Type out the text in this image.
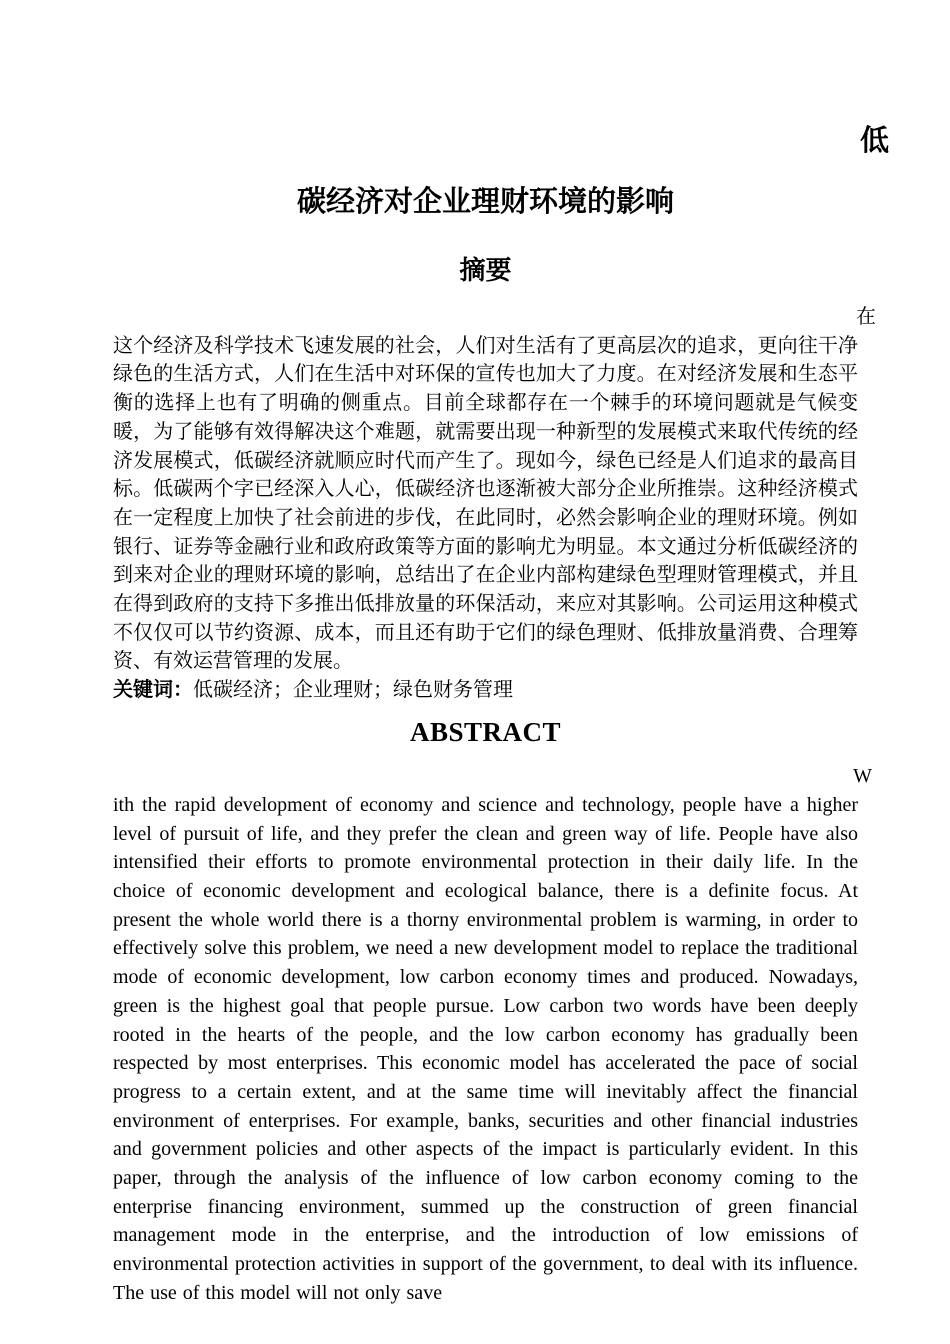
低
碳经济对企业理财环境的影响
摘要
在

这个经济及科学技术飞速发展的社会，人们对生活有了更高层次的追求，更向往干净绿色的生活方式，人们在生活中对环保的宣传也加大了力度。在对经济发展和生态平衡的选择上也有了明确的侧重点。目前全球都存在一个棘手的环境问题就是气候变暖，为了能够有效得解决这个难题，就需要出现一种新型的发展模式来取代传统的经济发展模式，低碳经济就顺应时代而产生了。现如今，绿色已经是人们追求的最高目标。低碳两个字已经深入人心，低碳经济也逐渐被大部分企业所推崇。这种经济模式在一定程度上加快了社会前进的步伐，在此同时，必然会影响企业的理财环境。例如银行、证券等金融行业和政府政策等方面的影响尤为明显。本文通过分析低碳经济的到来对企业的理财环境的影响，总结出了在企业内部构建绿色型理财管理模式，并且在得到政府的支持下多推出低排放量的环保活动，来应对其影响。公司运用这种模式不仅仅可以节约资源、成本，而且还有助于它们的绿色理财、低排放量消费、合理筹资、有效运营管理的发展。

关键词：低碳经济；企业理财；绿色财务管理

ABSTRACT
W

ith the rapid development of economy and science and technology, people have a higher level of pursuit of life, and they prefer the clean and green way of life. People have also intensified their efforts to promote environmental protection in their daily life. In the choice of economic development and ecological balance, there is a definite focus. At present the whole world there is a thorny environmental problem is warming, in order to effectively solve this problem, we need a new development model to replace the traditional mode of economic development, low carbon economy times and produced. Nowadays, green is the highest goal that people pursue. Low carbon two words have been deeply rooted in the hearts of the people, and the low carbon economy has gradually been respected by most enterprises. This economic model has accelerated the pace of social progress to a certain extent, and at the same time will inevitably affect the financial environment of enterprises. For example, banks, securities and other financial industries and government policies and other aspects of the impact is particularly evident. In this paper, through the analysis of the influence of low carbon economy coming to the enterprise financing environment, summed up the construction of green financial management mode in the enterprise, and the introduction of low emissions of environmental protection activities in support of the government, to deal with its influence. The use of this model will not only save
